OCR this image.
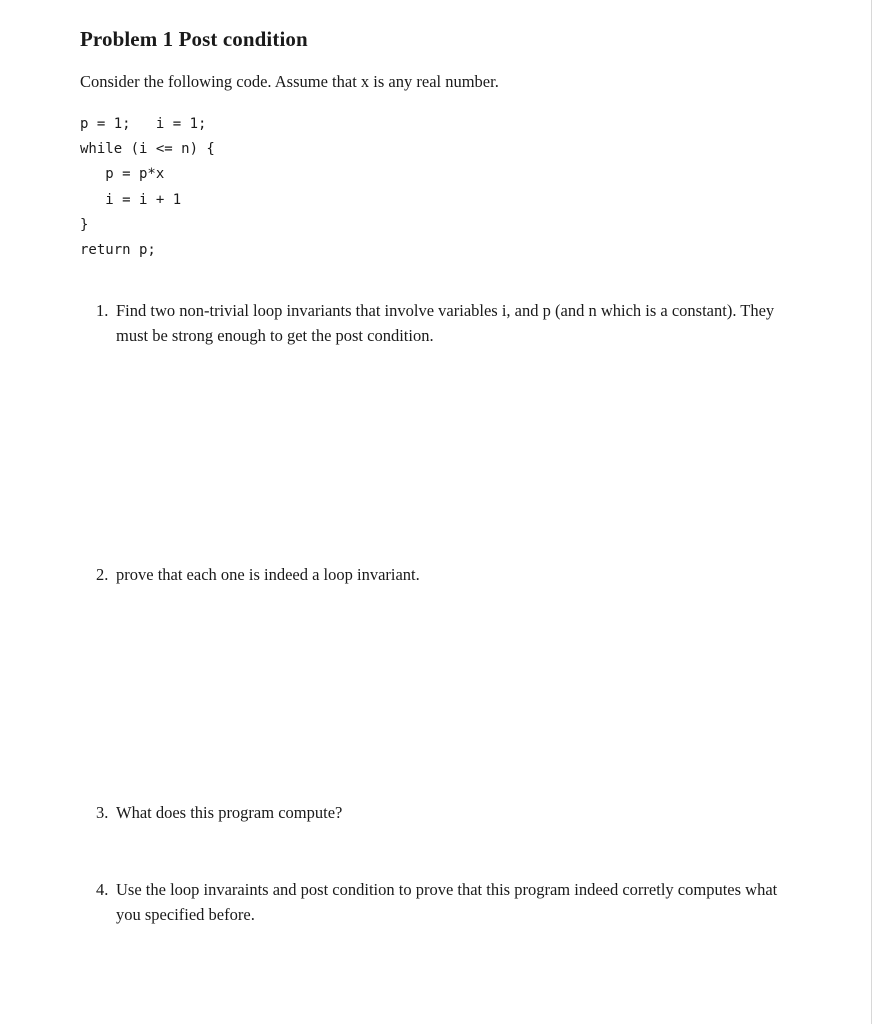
Problem 1 Post condition
Consider the following code. Assume that x is any real number.
p = 1;   i = 1;
while (i <= n) {
p = p*x
i = i + 1
}
return p;
1. Find two non-trivial loop invariants that involve variables i, and p (and n which is a constant). They must be strong enough to get the post condition.
2. prove that each one is indeed a loop invariant.
3. What does this program compute?
4. Use the loop invaraints and post condition to prove that this program indeed corretly computes what you specified before.
